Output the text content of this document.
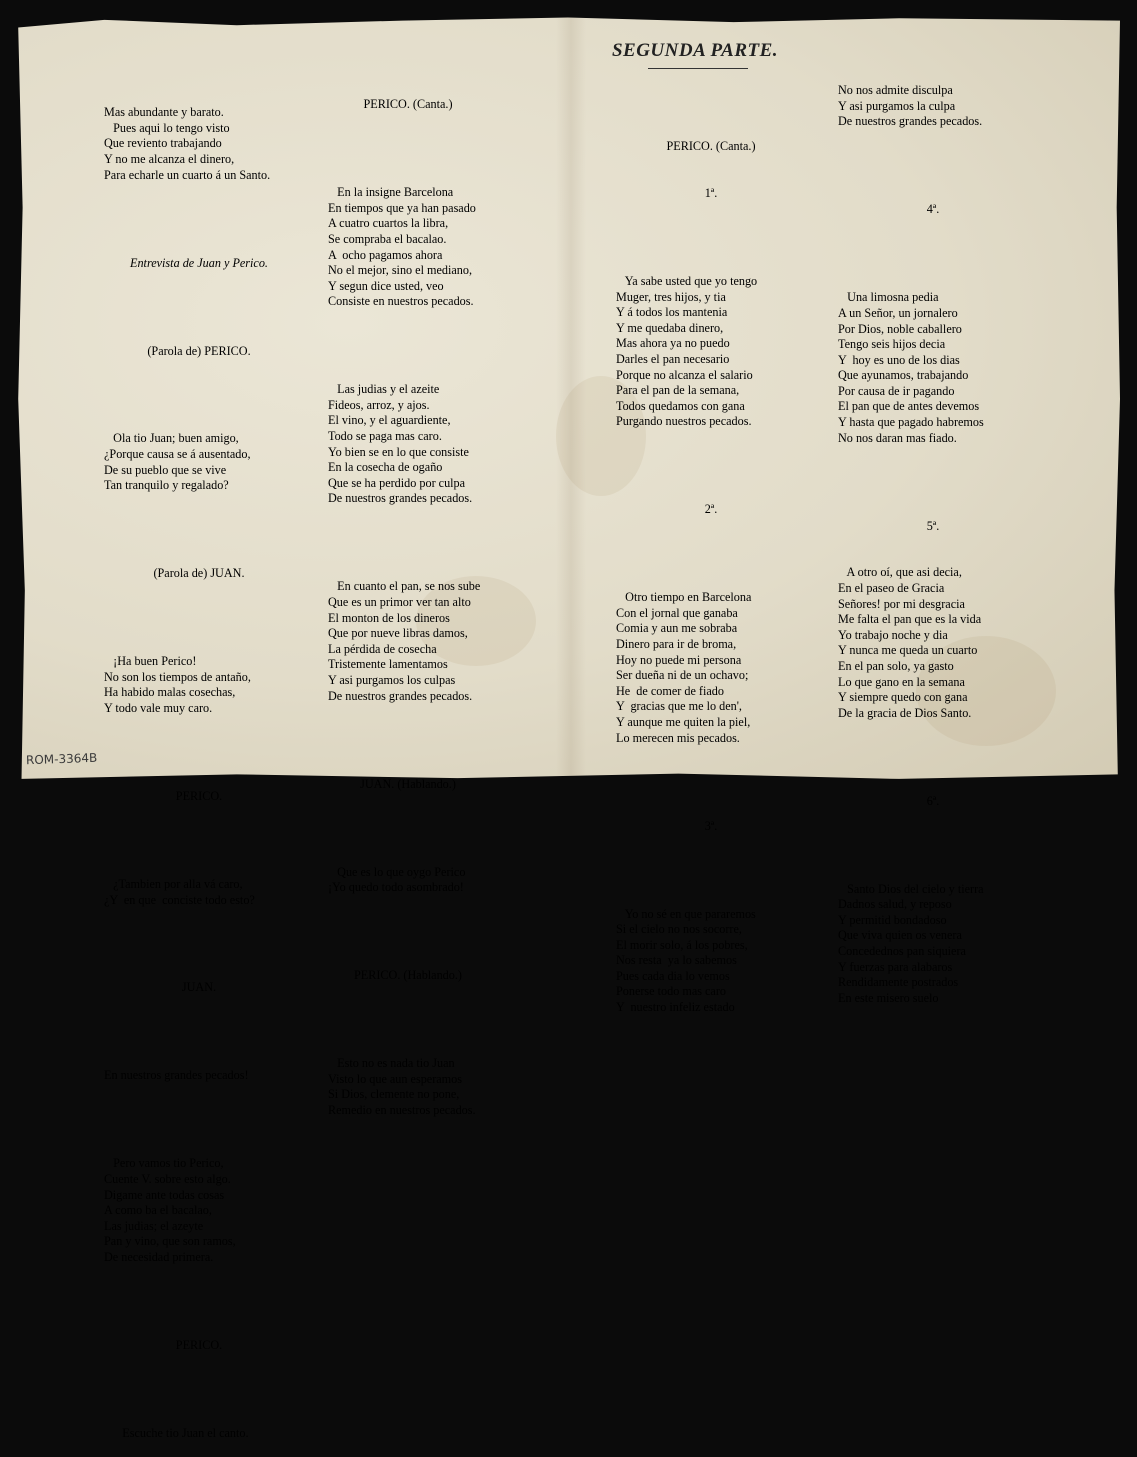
Mas abundante y barato.
Pues aqui lo tengo visto
Que reviento trabajando
Y no me alcanza el dinero,
Para echarle un cuarto á un Santo.

Entrevista de Juan y Perico.

(Parola de) PERICO.

Ola tio Juan; buen amigo,
¿Porque causa se á ausentado,
De su pueblo que se vive
Tan tranquilo y regalado?

(Parola de) JUAN.

¡Ha buen Perico!
No son los tiempos de antaño,
Ha habido malas cosechas,
Y todo vale muy caro.

PERICO.

¿Tambien por alla vá caro,
¿Y  en que  conciste todo esto?

JUAN.

En nuestros grandes pecados!

Pero vamos tio Perico,
Cuente V. sobre esto algo.
Digame ante todas cosas
A como ba el bacalao,
Las judias; el azeyte
Pan y vino, que son ramos,
De necesidad primera.

PERICO.

Escuche tio Juan el canto.

PERICO. (Canta.)

En la insigne Barcelona
En tiempos que ya han pasado
A cuatro cuartos la libra,
Se compraba el bacalao.
A  ocho pagamos ahora
No el mejor, sino el mediano,
Y segun dice usted, veo
Consiste en nuestros pecados.

Las judias y el azeite
Fideos, arroz, y ajos.
El vino, y el aguardiente,
Todo se paga mas caro.
Yo bien se en lo que consiste
En la cosecha de ogaño
Que se ha perdido por culpa
De nuestros grandes pecados.

En cuanto el pan, se nos sube
Que es un primor ver tan alto
El monton de los dineros
Que por nueve libras damos,
La pérdida de cosecha
Tristemente lamentamos
Y asi purgamos los culpas
De nuestros grandes pecados.

JUAN. (Hablando.)

Que es lo que oygo Perico
¡Yo quedo todo asombrado!

PERICO. (Hablando.)

Esto no es nada tio Juan
Visto lo que aun esperamos
Si Dios, clemente no pone,
Remedio en nuestros pecados.

SEGUNDA PARTE.

PERICO. (Canta.)

1ª.

Ya sabe usted que yo tengo
Muger, tres hijos, y tia
Y á todos los mantenia
Y me quedaba dinero,
Mas ahora ya no puedo
Darles el pan necesario
Porque no alcanza el salario
Para el pan de la semana,
Todos quedamos con gana
Purgando nuestros pecados.

2ª.

Otro tiempo en Barcelona
Con el jornal que ganaba
Comia y aun me sobraba
Dinero para ir de broma,
Hoy no puede mi persona
Ser dueña ni de un ochavo;
He  de comer de fiado
Y  gracias que me lo den',
Y aunque me quiten la piel,
Lo merecen mis pecados.

3ª.

Yo no sé en que pararemos
Si el cielo no nos socorre,
El morir solo, á los pobres,
Nos resta  ya lo sabemos
Pues cada dia lo vemos
Ponerse todo mas caro
Y  nuestro infeliz estado

No nos admite disculpa
Y asi purgamos la culpa
De nuestros grandes pecados.

4ª.

Una limosna pedia
A un Señor, un jornalero
Por Dios, noble caballero
Tengo seis hijos decia
Y  hoy es uno de los dias
Que ayunamos, trabajando
Por causa de ir pagando
El pan que de antes devemos
Y hasta que pagado habremos
No nos daran mas fiado.

5ª.

A otro oí, que asi decia,
En el paseo de Gracia
Señores! por mi desgracia
Me falta el pan que es la vida
Yo trabajo noche y dia
Y nunca me queda un cuarto
En el pan solo, ya gasto
Lo que gano en la semana
Y siempre quedo con gana
De la gracia de Dios Santo.

6ª.

Santo Dios del cielo y tierra
Dadnos salud, y reposo
Y permitid bondadoso
Que viva quien os venera
Concedednos pan siquiera
Y fuerzas para alabaros
Rendidamente postrados
En este misero suelo

ROM-3364B
